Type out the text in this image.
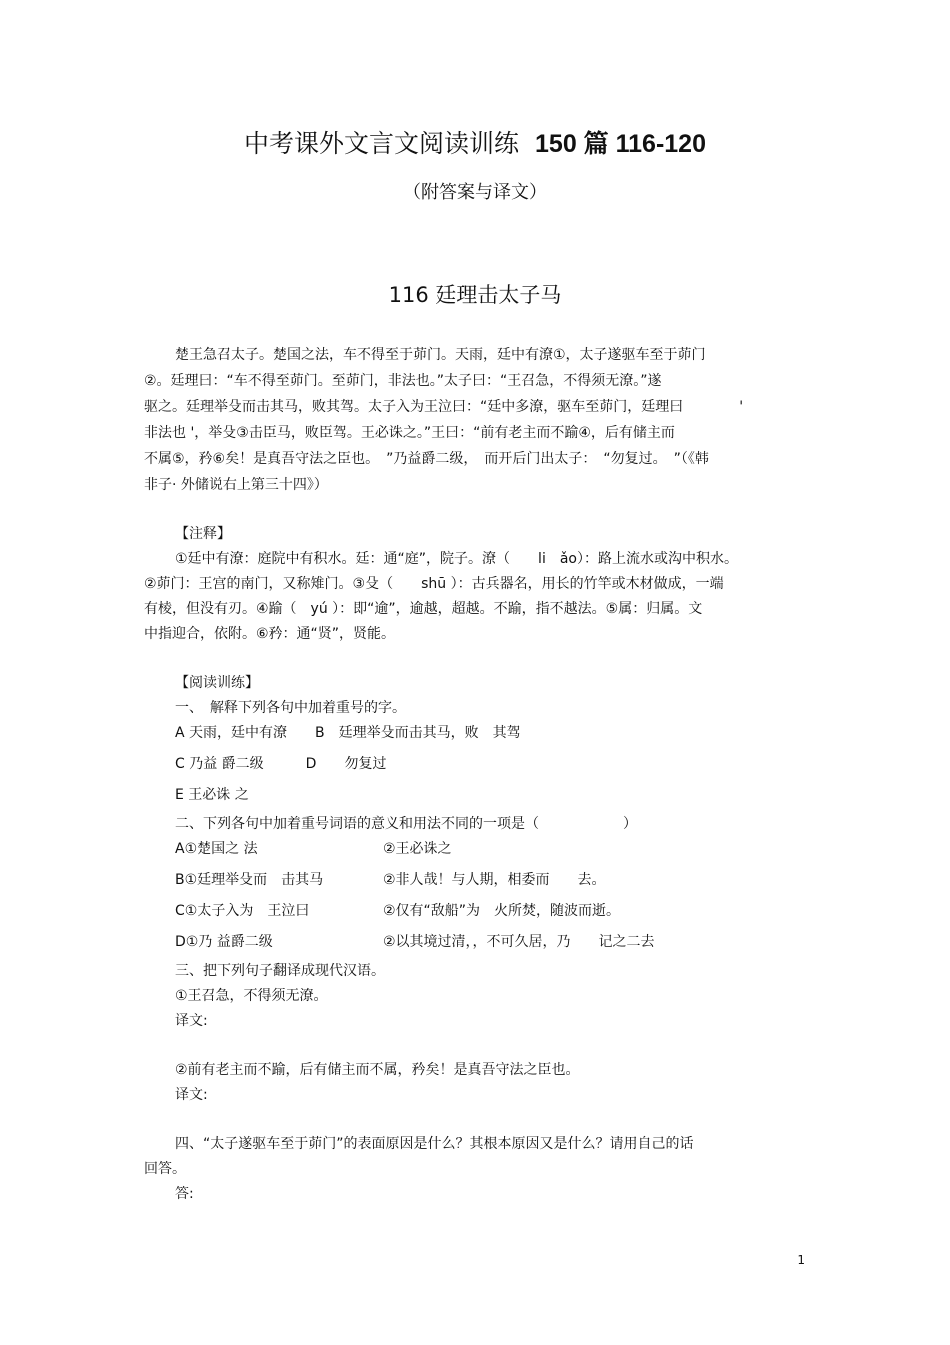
中考课外文言文阅读训练 150 篇 116-120
（附答案与译文）
116 廷理击太子马
楚王急召太子。楚国之法，车不得至于茆门。天雨，廷中有潦①，太子遂驱车至于茆门
②。廷理曰：“车不得至茆门。至茆门，非法也。”太子曰：“王召急，不得须无潦。”遂
驱之。廷理举殳而击其马，败其驾。太子入为王泣曰：“廷中多潦，驱车至茆门，廷理曰　　　　'
非法也 '，举殳③击臣马，败臣驾。王必诛之。”王曰：“前有老主而不踰④，后有储主而
不属⑤，矜⑥矣！是真吾守法之臣也。　”乃益爵二级，　而开后门出太子：　“勿复过。　”（《韩
非子· 外储说右上第三十四》）
【注释】
①廷中有潦：庭院中有积水。廷：通“庭”，院子。潦（　　li　ǎo）：路上流水或沟中积水。
②茆门：王宫的南门，又称雉门。③殳（　　shū ）：古兵器名，用长的竹竿或木材做成，一端
有棱，但没有刃。④踰（　yú ）：即“逾”，逾越，超越。不踰，指不越法。⑤属：归属。文
中指迎合，依附。⑥矜：通“贤”，贤能。
【阅读训练】
一、　解释下列各句中加着重号的字。
A 天雨，廷中有潦　　B　廷理举殳而击其马，败　其驾
C 乃益 爵二级　　　D　　勿复过
E 王必诛 之
二、下列各句中加着重号词语的意义和用法不同的一项是（　　　　　　）
A①楚国之 法	②王必诛之
B①廷理举殳而　击其马	②非人哉！与人期，相委而　　去。
C①太子入为　王泣曰	②仅有“敌船”为　火所焚，随波而逝。
D①乃 益爵二级	②以其境过清，，不可久居，乃　　记之二去
三、把下列句子翻译成现代汉语。
①王召急，不得须无潦。
译文:
②前有老主而不踰，后有储主而不属，矜矣！是真吾守法之臣也。
译文:
四、“太子遂驱车至于茆门”的表面原因是什么？其根本原因又是什么？请用自己的话
回答。
答:
1
